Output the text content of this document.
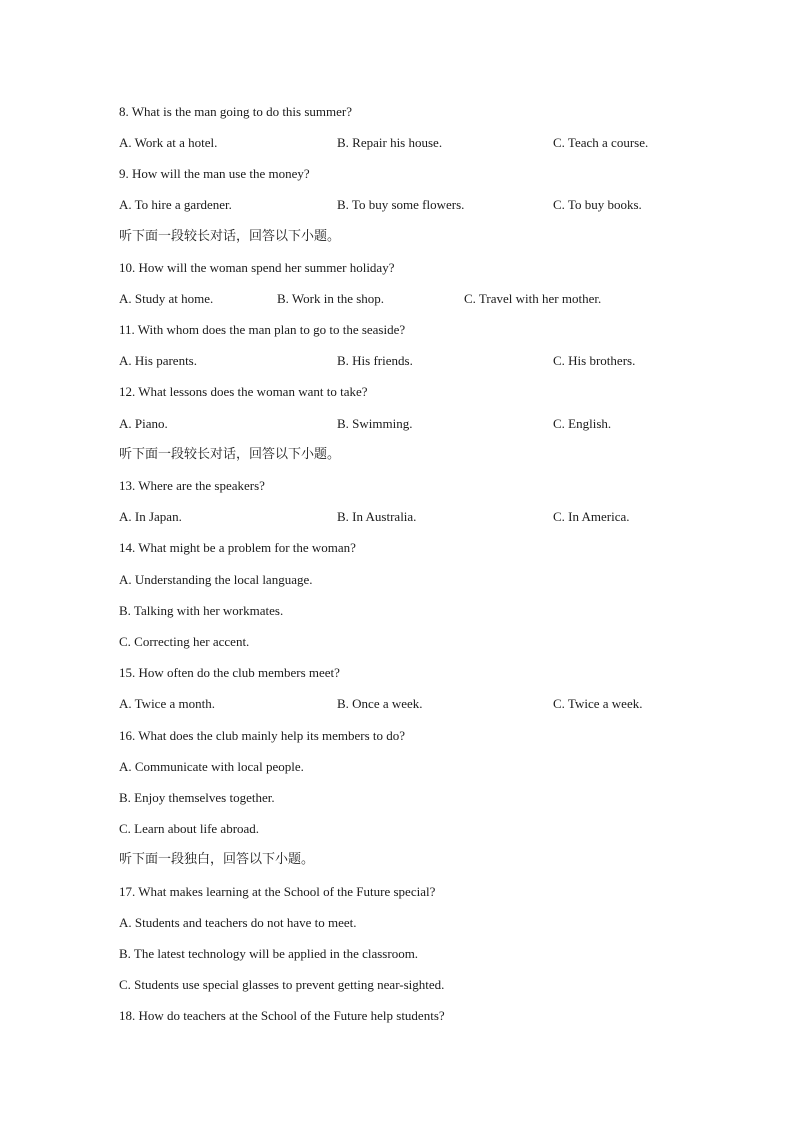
8. What is the man going to do this summer?
A. Work at a hotel.	B. Repair his house.	C. Teach a course.
9. How will the man use the money?
A. To hire a gardener.	B. To buy some flowers.	C. To buy books.
听下面一段较长对话，回答以下小题。
10. How will the woman spend her summer holiday?
A. Study at home.	B. Work in the shop.	C. Travel with her mother.
11. With whom does the man plan to go to the seaside?
A. His parents.	B. His friends.	C. His brothers.
12. What lessons does the woman want to take?
A. Piano.	B. Swimming.	C. English.
听下面一段较长对话，回答以下小题。
13. Where are the speakers?
A. In Japan.	B. In Australia.	C. In America.
14. What might be a problem for the woman?
A. Understanding the local language.
B. Talking with her workmates.
C. Correcting her accent.
15. How often do the club members meet?
A. Twice a month.	B. Once a week.	C. Twice a week.
16. What does the club mainly help its members to do?
A. Communicate with local people.
B. Enjoy themselves together.
C. Learn about life abroad.
听下面一段独白，回答以下小题。
17. What makes learning at the School of the Future special?
A. Students and teachers do not have to meet.
B. The latest technology will be applied in the classroom.
C. Students use special glasses to prevent getting near-sighted.
18. How do teachers at the School of the Future help students?
